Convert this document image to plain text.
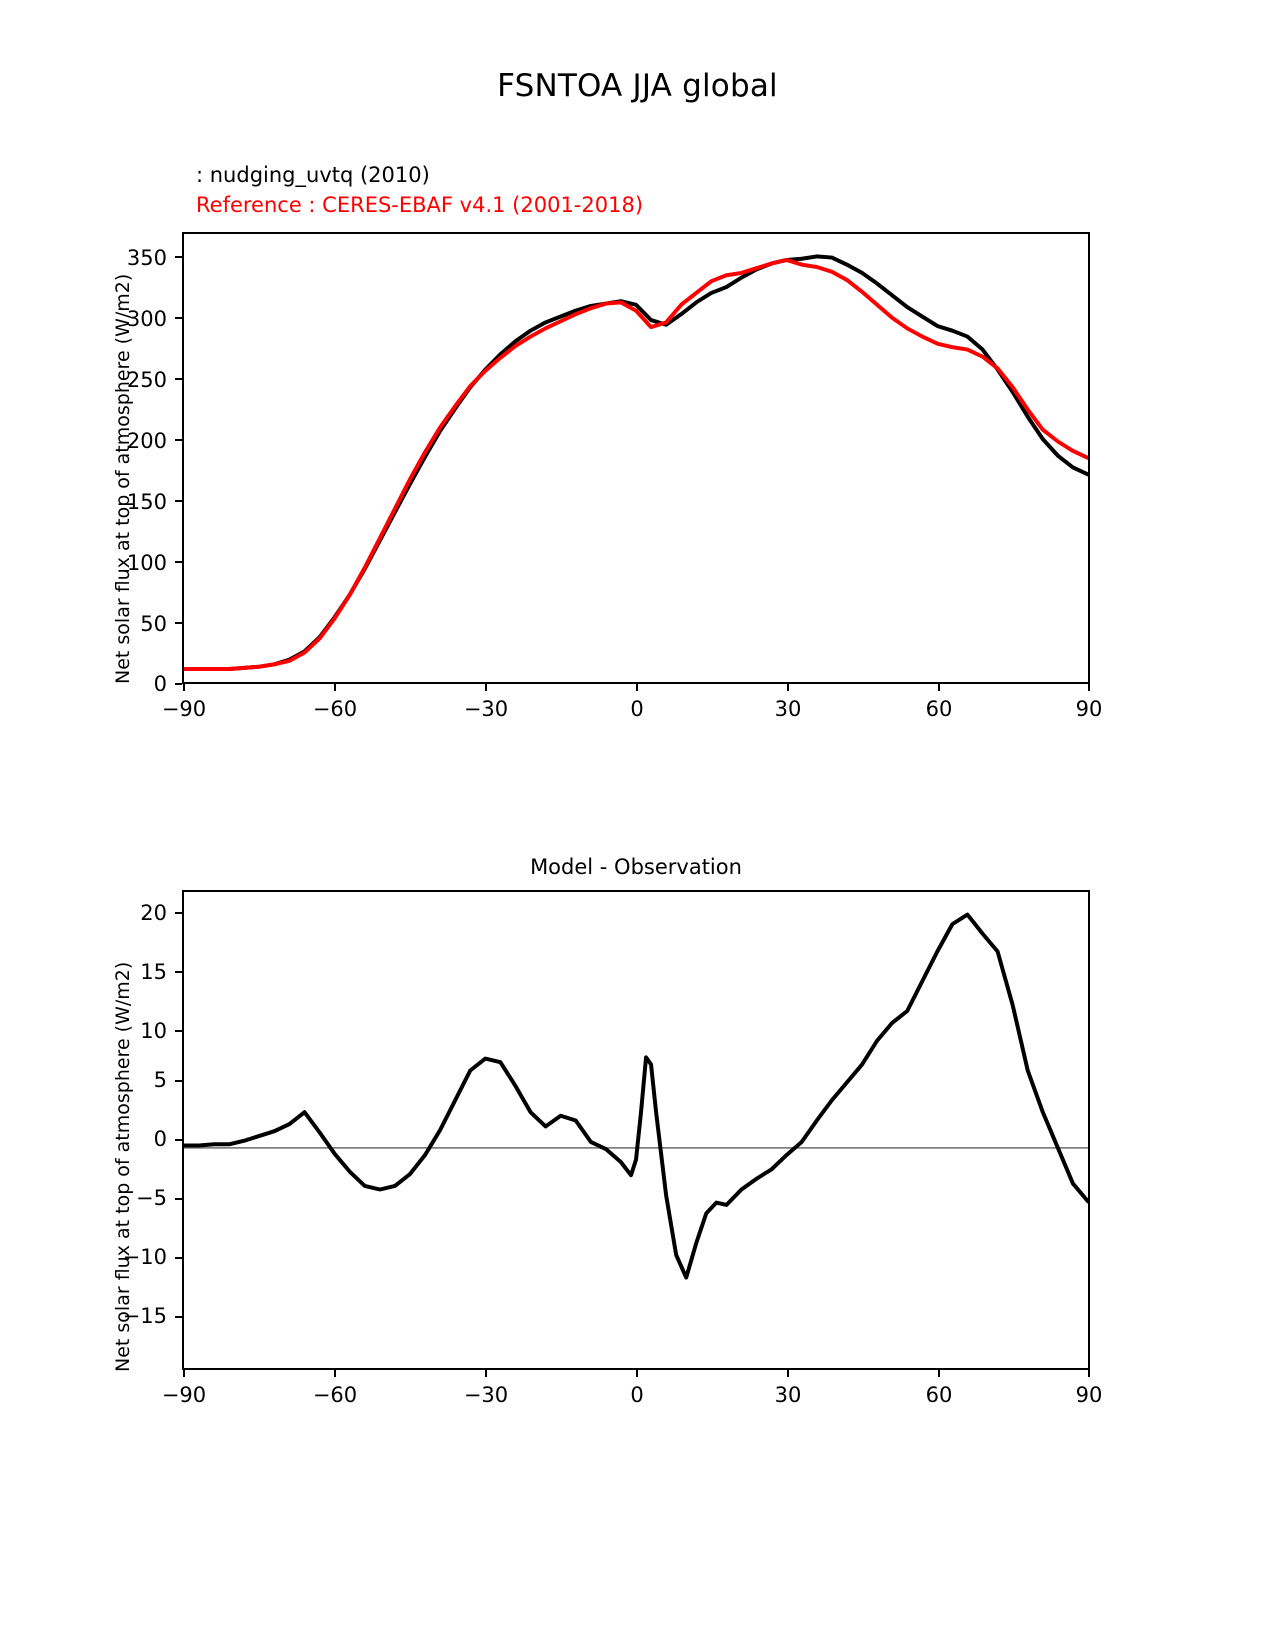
FSNTOA JJA global
: nudging_uvtq (2010)
Reference : CERES-EBAF v4.1 (2001-2018)
Net solar flux at top of atmosphere (W/m2) 0
50
100
150
200
250
300
350
−90	−60	−30	0	30	60	90
Model - Observation
Net solar flux at top of atmosphere (W/m2)
20
15
10
5
0
−5
−10
−15
−90	−60	−30	0	30	60	90
